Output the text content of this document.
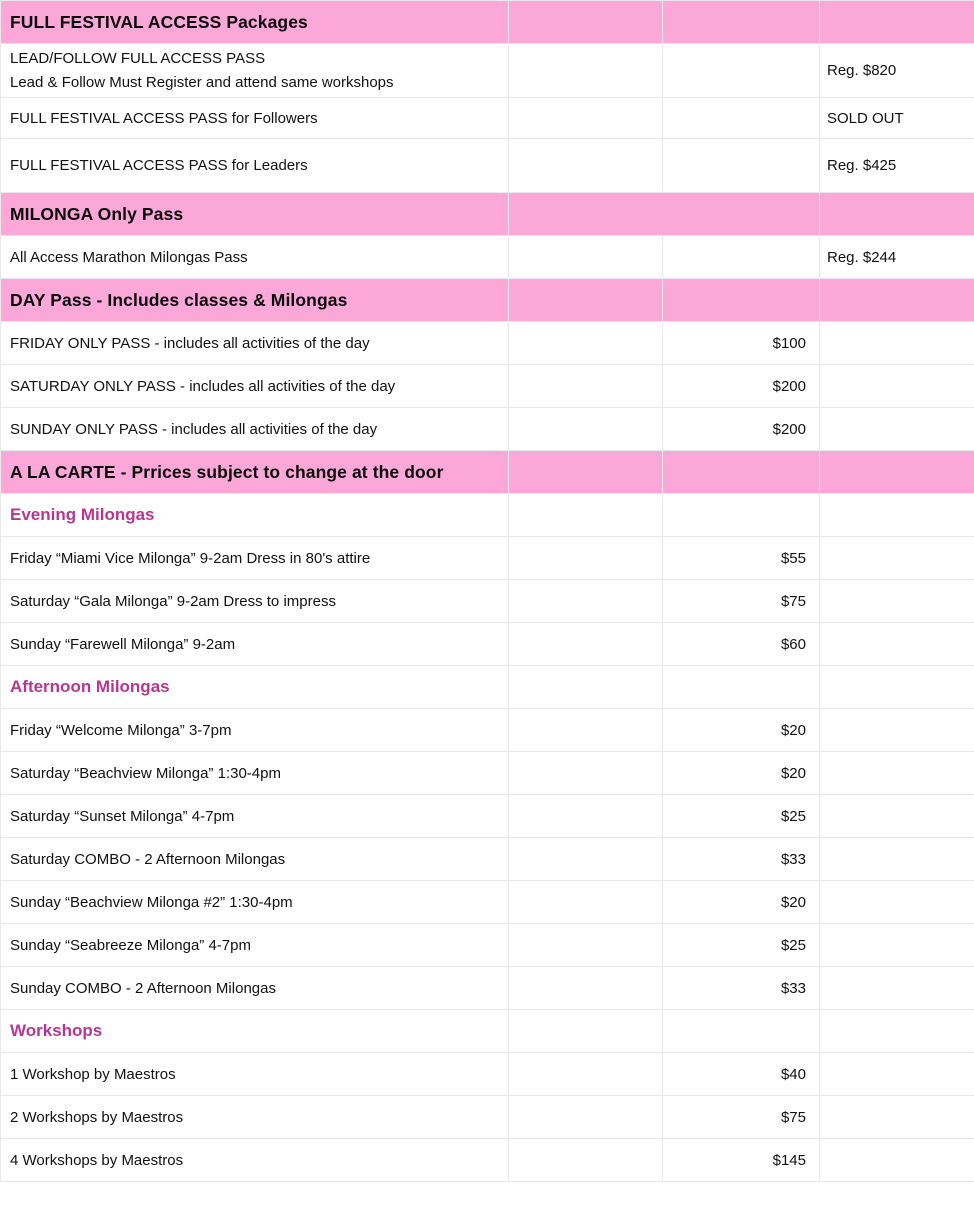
FULL FESTIVAL ACCESS Packages			

LEAD/FOLLOW FULL ACCESS PASS
Lead & Follow Must Register and attend same workshops			Reg. $820
FULL FESTIVAL ACCESS PASS for Followers			SOLD OUT
FULL FESTIVAL ACCESS PASS for Leaders			Reg. $425
MILONGA Only Pass			
All Access Marathon Milongas Pass			Reg. $244
DAY Pass - Includes classes & Milongas			
FRIDAY ONLY PASS - includes all activities of the day		$100	
SATURDAY ONLY PASS - includes all activities of the day		$200	
SUNDAY ONLY PASS - includes all activities of the day		$200	
A LA CARTE - Prrices subject to change at the door			
Evening Milongas			
Friday “Miami Vice Milonga” 9-2am Dress in 80's attire		$55	
Saturday “Gala Milonga” 9-2am Dress to impress		$75	
Sunday “Farewell Milonga” 9-2am		$60	
Afternoon Milongas			
Friday “Welcome Milonga” 3-7pm		$20	
Saturday “Beachview Milonga” 1:30-4pm		$20	
Saturday “Sunset Milonga” 4-7pm		$25	
Saturday COMBO - 2 Afternoon Milongas		$33	
Sunday “Beachview Milonga #2” 1:30-4pm		$20	
Sunday “Seabreeze Milonga” 4-7pm		$25	
Sunday COMBO - 2 Afternoon Milongas		$33	
Workshops			
1 Workshop by Maestros		$40	
2 Workshops by Maestros		$75	
4 Workshops by Maestros		$145	
